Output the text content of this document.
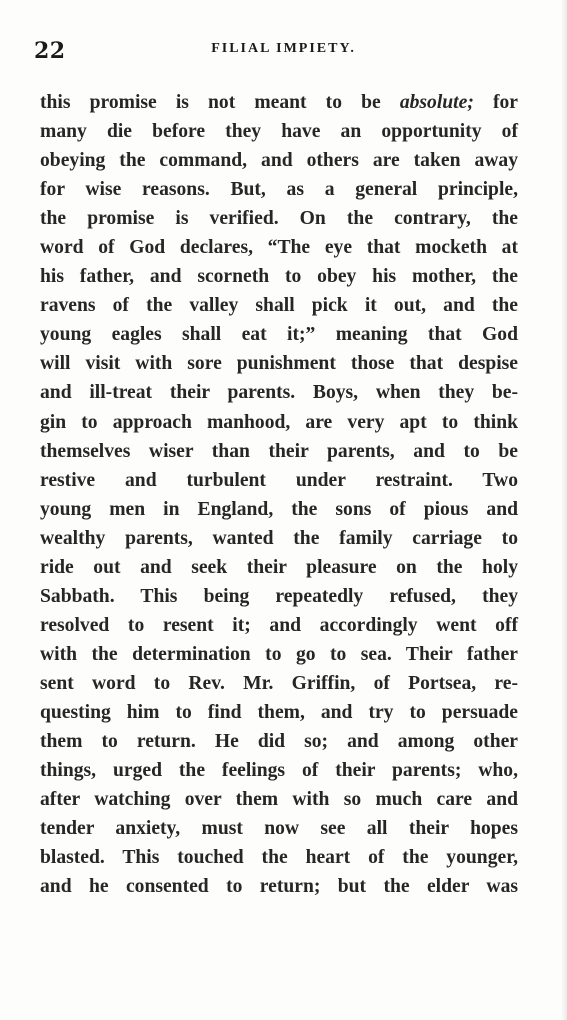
22	FILIAL IMPIETY.
this promise is not meant to be absolute; for
many die before they have an opportunity of
obeying the command, and others are taken away
for wise reasons. But, as a general principle,
the promise is verified. On the contrary, the
word of God declares, “The eye that mocketh at
his father, and scorneth to obey his mother, the
ravens of the valley shall pick it out, and the
young eagles shall eat it;” meaning that God
will visit with sore punishment those that despise
and ill-treat their parents. Boys, when they be-
gin to approach manhood, are very apt to think
themselves wiser than their parents, and to be
restive and turbulent under restraint. Two
young men in England, the sons of pious and
wealthy parents, wanted the family carriage to
ride out and seek their pleasure on the holy
Sabbath. This being repeatedly refused, they
resolved to resent it; and accordingly went off
with the determination to go to sea. Their father
sent word to Rev. Mr. Griffin, of Portsea, re-
questing him to find them, and try to persuade
them to return. He did so; and among other
things, urged the feelings of their parents; who,
after watching over them with so much care and
tender anxiety, must now see all their hopes
blasted. This touched the heart of the younger,
and he consented to return; but the elder was
